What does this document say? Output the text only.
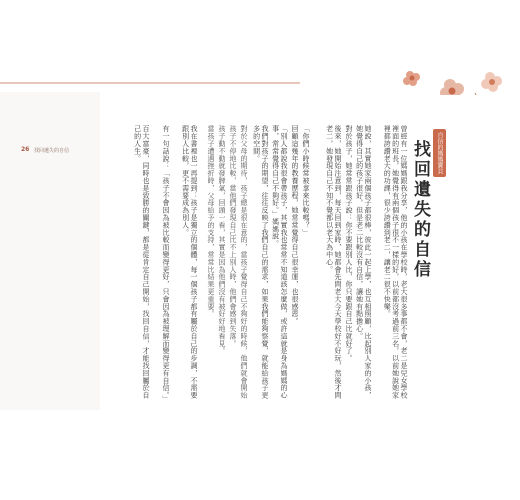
26 找回遺失的自信	自信的媽媽寶貝
找回遺失的自信
曾經有一位媽媽跟我分享，他的小孩在學校時，老大很多事都不會，老二是兒女學校裡面的班長，她覺得有兩個孩子很不一樣的好，以前都沒考過前三名，以前她說她家裡都誇讚老大的功課，很少誇讚到老二，讓老二很不快樂。
她說，其實她家兩個孩子都很棒，彼此一起上學，也互相照顧，比起別人家的小孩，她覺得自己的孩子很好，但是老二比較沒有自信，讓她有點擔心。
對於孩子，她常常跟孩子說：你不要跟別人比，你只要跟自己比就好了。
後來，她開始注意到，每天回到家時，她都會先問老大今天學校好不好玩，然後才問老二，她發現自己不知不覺都以老大為中心。
「你們小時候常被拿來比較嗎？」
回顧這幾年的教養歷程，她常常覺得自己很幸運，也很感恩。
「別人都說我很會帶孩子，其實我也常常不知道該怎麼做，或許這就是身為媽媽的心事，常常覺得自己不夠好。」媽媽說。
我們對孩子的期望，往往反映了我們自己的需求，如果我們能夠察覺，就能給孩子更多的空間。
對於父母的期待，孩子總是很在意的，當孩子覺得自己不夠好的時候，他們就會開始
孩子不停地比較，當他們發現自己比不上別人時，他們會感到失落。
孩子動不動就發脾氣，回頭一看，其實是因為他們沒有被好好地看見。
當孩子遭遇挫折時，父母給予的支持，常常比結果更重要。
我在書裡也一再提到：孩子是獨立的個體，每一個孩子都有屬於自己的步調，不需要跟別人比較，更不需要成為別人。
有一句話說：「孩子不會因為被比較而變得更好，只會因為被理解而變得更有自信。」
百大富豪，同時也是致勝的關鍵，都是從肯定自己開始，找回自信，才能找回屬於自己的人生。
